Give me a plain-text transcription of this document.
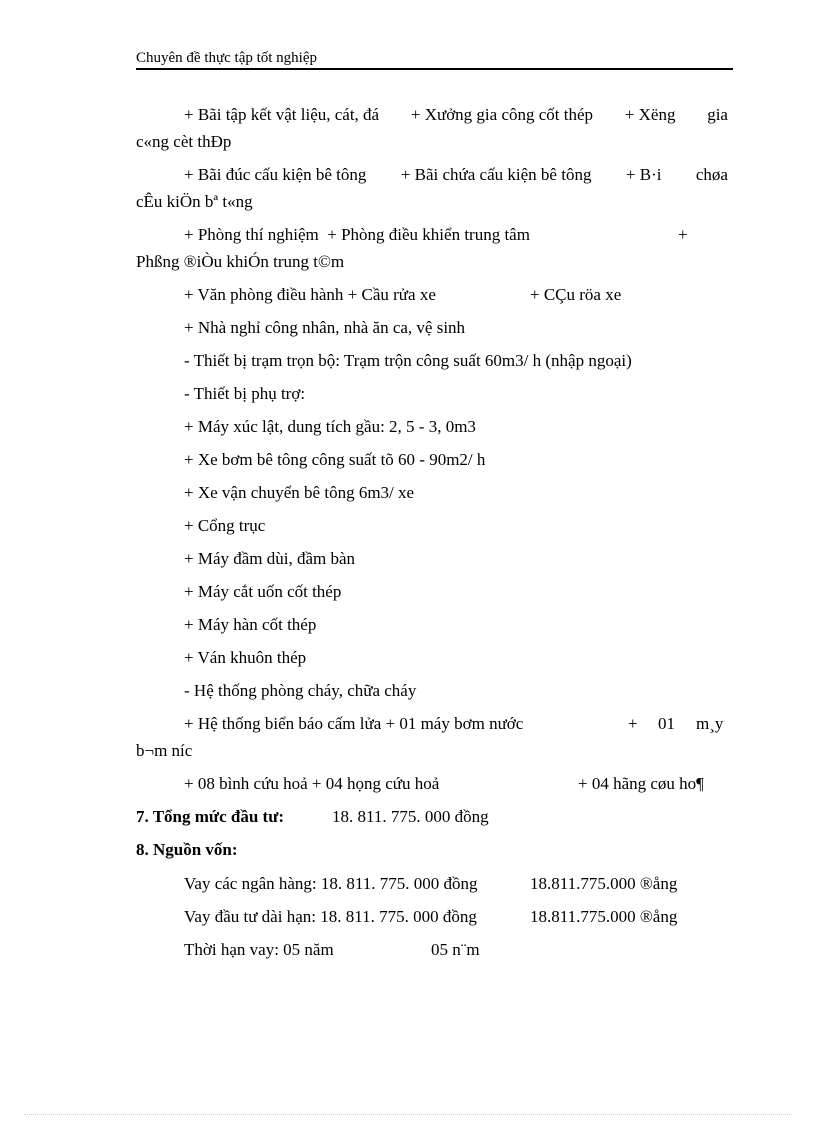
Chuyên đề thực tập tốt nghiệp
+ Bãi tập kết vật liệu, cát, đá + Xưởng gia công cốt thép + Xëng gia
c«ng cèt thÐp
+ Bãi đúc cấu kiện bê tông + Bãi chứa cấu kiện bê tông + B·i chøa
cÊu kiÖn bª t«ng
+ Phòng thí nghiệm + Phòng điều khiển trung tâm	+
Phßng ®iÒu khiÓn trung t©m
+ Văn phòng điều hành + Cầu rửa xe	+ CÇu röa xe
+ Nhà nghỉ công nhân, nhà ăn ca, vệ sinh
- Thiết bị trạm trọn bộ: Trạm trộn công suất 60m3/ h (nhập ngoại)
- Thiết bị phụ trợ:
+ Máy xúc lật, dung tích gầu: 2, 5 - 3, 0m3
+ Xe bơm bê tông công suất tõ 60 - 90m2/ h
+ Xe vận chuyển bê tông 6m3/ xe
+ Cổng trục
+ Máy đầm dùi, đầm bàn
+ Máy cắt uốn cốt thép
+ Máy hàn cốt thép
+ Ván khuôn thép
- Hệ thống phòng cháy, chữa cháy
+ Hệ thống biển báo cấm lửa + 01 máy bơm nước	+ 01 m¸y
b¬m níc
+ 08 bình cứu hoả + 04 họng cứu hoả	+ 04 hãng cøu ho¶
7. Tổng mức đầu tư:	18. 811. 775. 000 đồng
8. Nguồn vốn:
Vay các ngân hàng: 18. 811. 775. 000 đồng	18.811.775.000 ®ång
Vay đầu tư dài hạn: 18. 811. 775. 000 đồng	18.811.775.000 ®ång
Thời hạn vay: 05 năm	05 n¨m
